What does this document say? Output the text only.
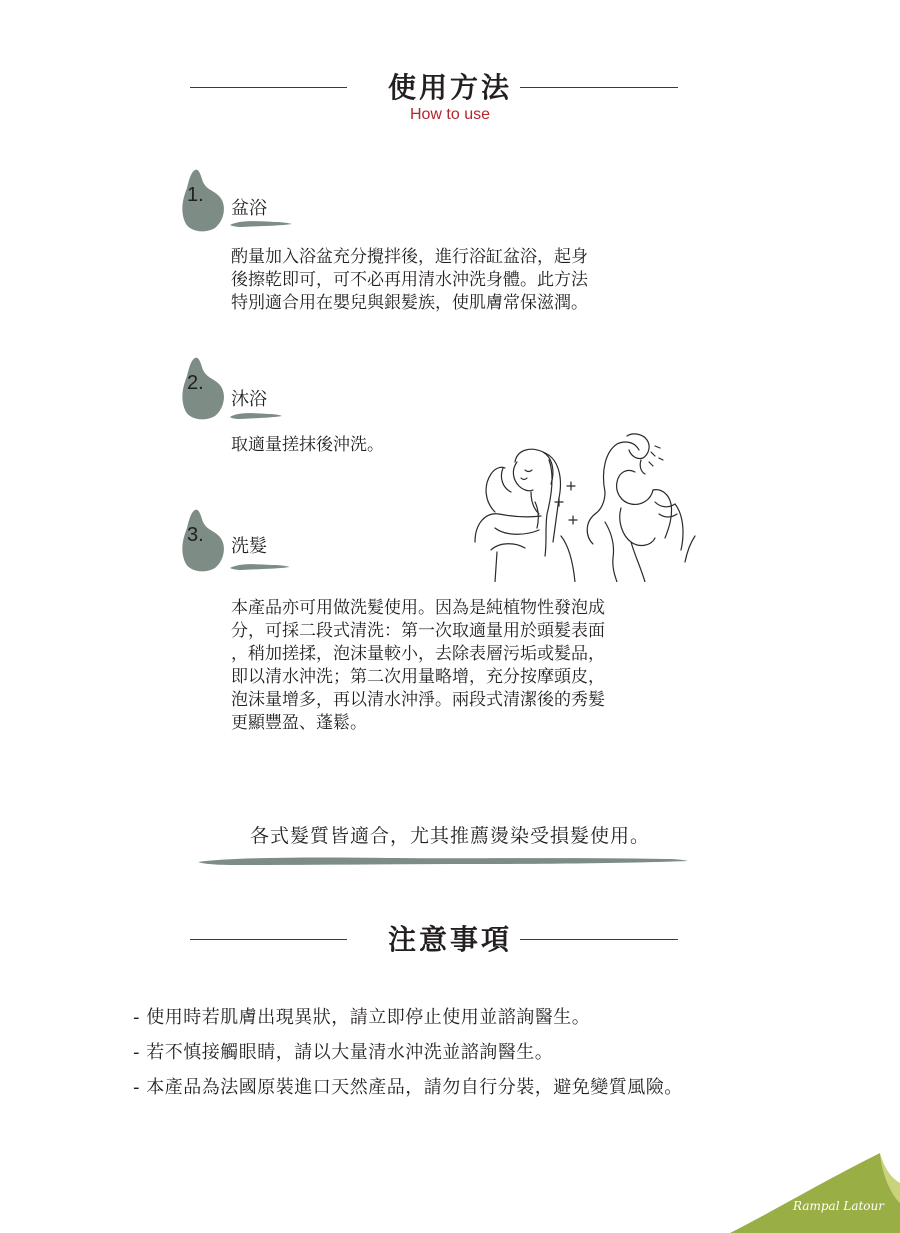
使用方法
How to use
1.
盆浴
酌量加入浴盆充分攪拌後，進行浴缸盆浴，起身
後擦乾即可，可不必再用清水沖洗身體。此方法
特別適合用在嬰兒與銀髮族，使肌膚常保滋潤。
2.
沐浴
取適量搓抹後沖洗。
3.
洗髮
本產品亦可用做洗髮使用。因為是純植物性發泡成
分，可採二段式清洗：第一次取適量用於頭髮表面
，稍加搓揉，泡沫量較小，去除表層污垢或髮品，
即以清水沖洗；第二次用量略增，充分按摩頭皮，
泡沫量增多，再以清水沖淨。兩段式清潔後的秀髮
更顯豐盈、蓬鬆。
各式髮質皆適合，尤其推薦燙染受損髮使用。
注意事項
- 使用時若肌膚出現異狀，請立即停止使用並諮詢醫生。
- 若不慎接觸眼睛，請以大量清水沖洗並諮詢醫生。
- 本產品為法國原裝進口天然產品，請勿自行分裝，避免變質風險。
Rampal Latour
